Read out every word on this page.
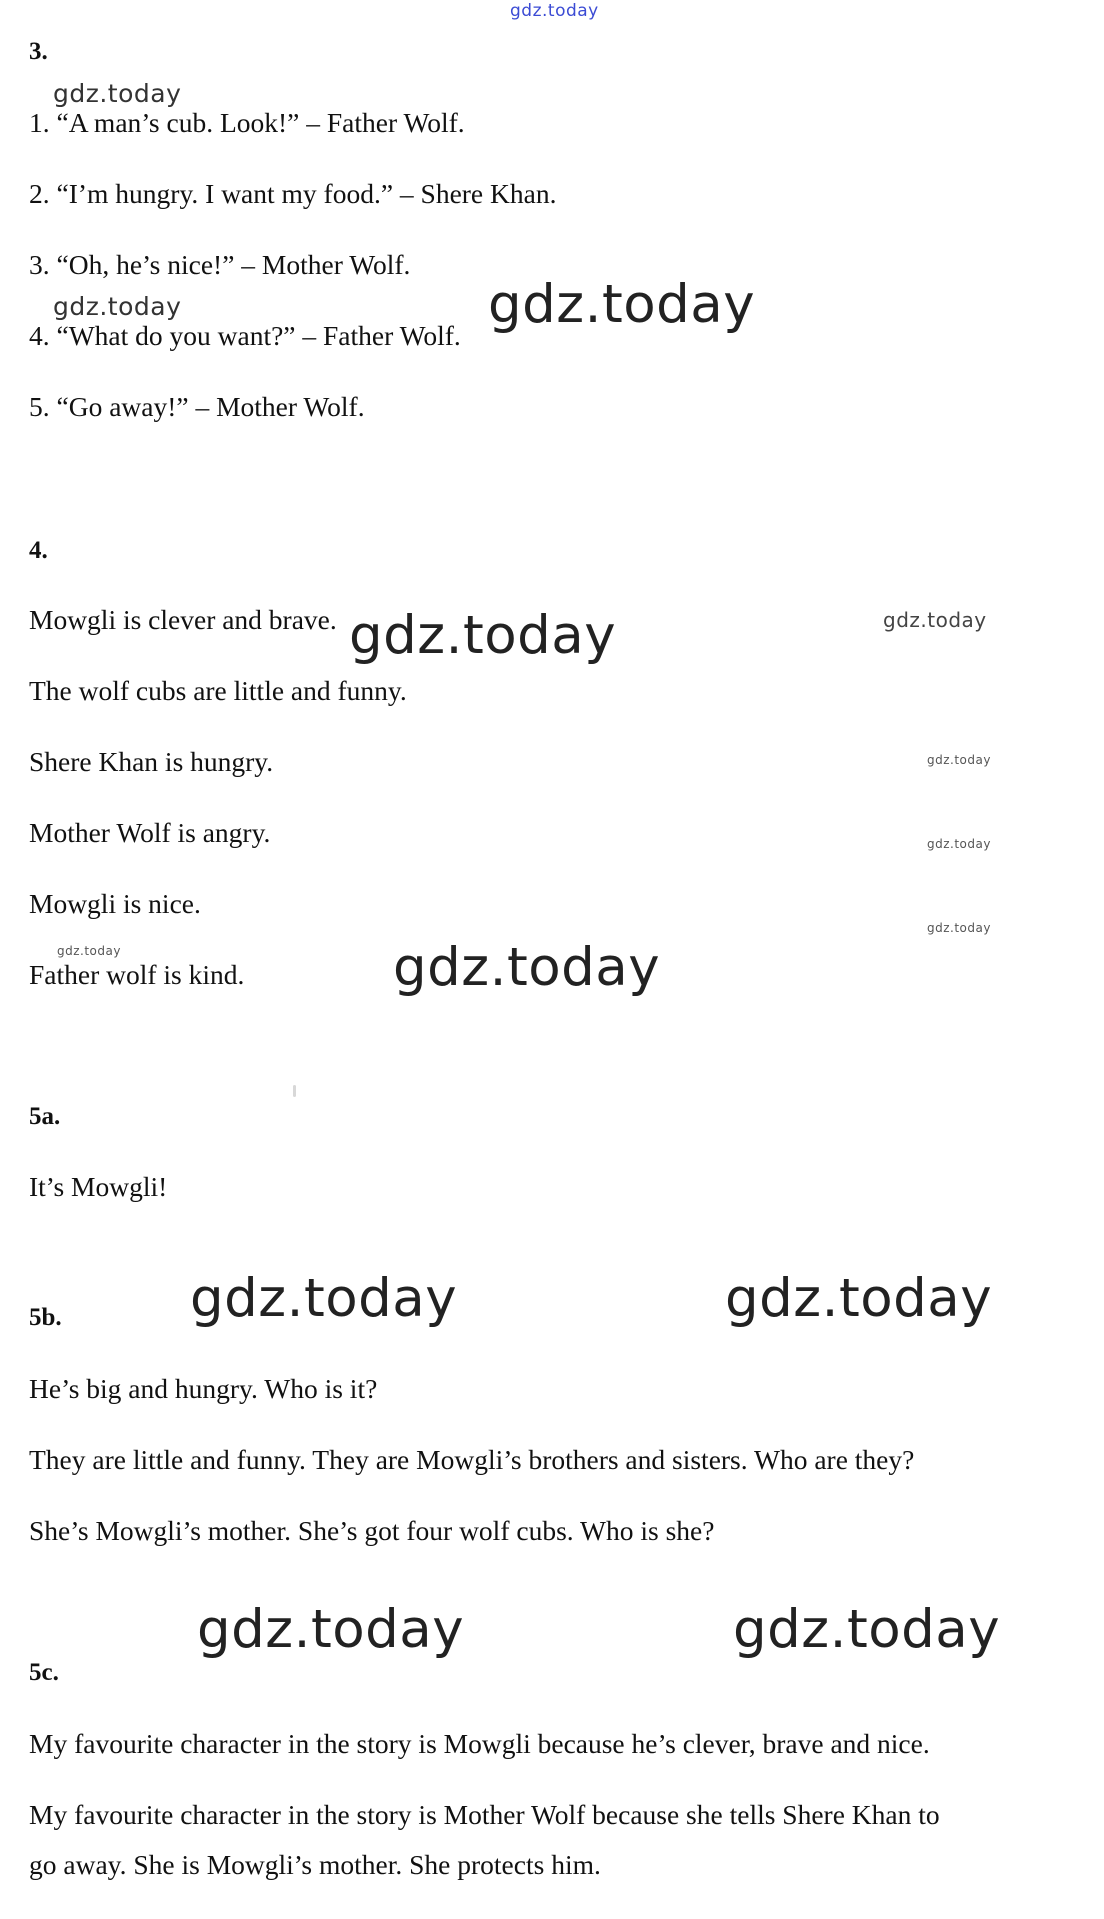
gdz.today
gdz.today
gdz.today	gdz.today
gdz.today	gdz.today
gdz.today
gdz.today
gdz.today
gdz.today	gdz.today
gdz.today	gdz.today
gdz.today	gdz.today
3.
1. “A man’s cub. Look!” – Father Wolf.
2. “I’m hungry. I want my food.” – Shere Khan.
3. “Oh, he’s nice!” – Mother Wolf.
4. “What do you want?” – Father Wolf.
5. “Go away!” – Mother Wolf.
4.
Mowgli is clever and brave.
The wolf cubs are little and funny.
Shere Khan is hungry.
Mother Wolf is angry.
Mowgli is nice.
Father wolf is kind.
5a.
It’s Mowgli!
5b.
He’s big and hungry. Who is it?
They are little and funny. They are Mowgli’s brothers and sisters. Who are they?
She’s Mowgli’s mother. She’s got four wolf cubs. Who is she?
5c.
My favourite character in the story is Mowgli because he’s clever, brave and nice.
My favourite character in the story is Mother Wolf because she tells Shere Khan to
go away. She is Mowgli’s mother. She protects him.
